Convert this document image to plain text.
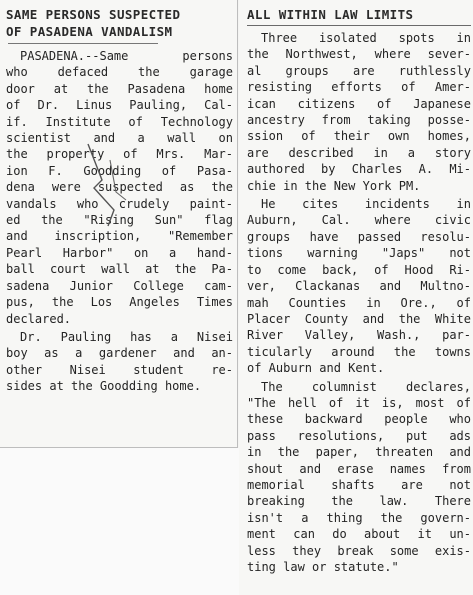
SAME PERSONS SUSPECTED
OF PASADENA VANDALISM
PASADENA.--Same persons
who defaced the garage
door at the Pasadena home
of Dr. Linus Pauling, Cal-
if. Institute of Technology
scientist and a wall on
the property of Mrs. Mar-
ion F. Goodding of Pasa-
dena were suspected as the
vandals who crudely paint-
ed the "Rising Sun" flag
and inscription, "Remember
Pearl Harbor" on a hand-
ball court wall at the Pa-
sadena Junior College cam-
pus, the Los Angeles Times
declared.
Dr. Pauling has a Nisei
boy as a gardener and an-
other Nisei student re-
sides at the Goodding home.
ALL WITHIN LAW LIMITS
Three isolated spots in
the Northwest, where sever-
al groups are ruthlessly
resisting efforts of Amer-
ican citizens of Japanese
ancestry from taking posse-
ssion of their own homes,
are described in a story
authored by Charles A. Mi-
chie in the New York PM.
He cites incidents in
Auburn, Cal. where civic
groups have passed resolu-
tions warning "Japs" not
to come back, of Hood Ri-
ver, Clackanas and Multno-
mah Counties in Ore., of
Placer County and the White
River Valley, Wash., par-
ticularly around the towns
of Auburn and Kent.
The columnist declares,
"The hell of it is, most of
these backward people who
pass resolutions, put ads
in the paper, threaten and
shout and erase names from
memorial shafts are not
breaking the law. There
isn't a thing the govern-
ment can do about it un-
less they break some exis-
ting law or statute."
